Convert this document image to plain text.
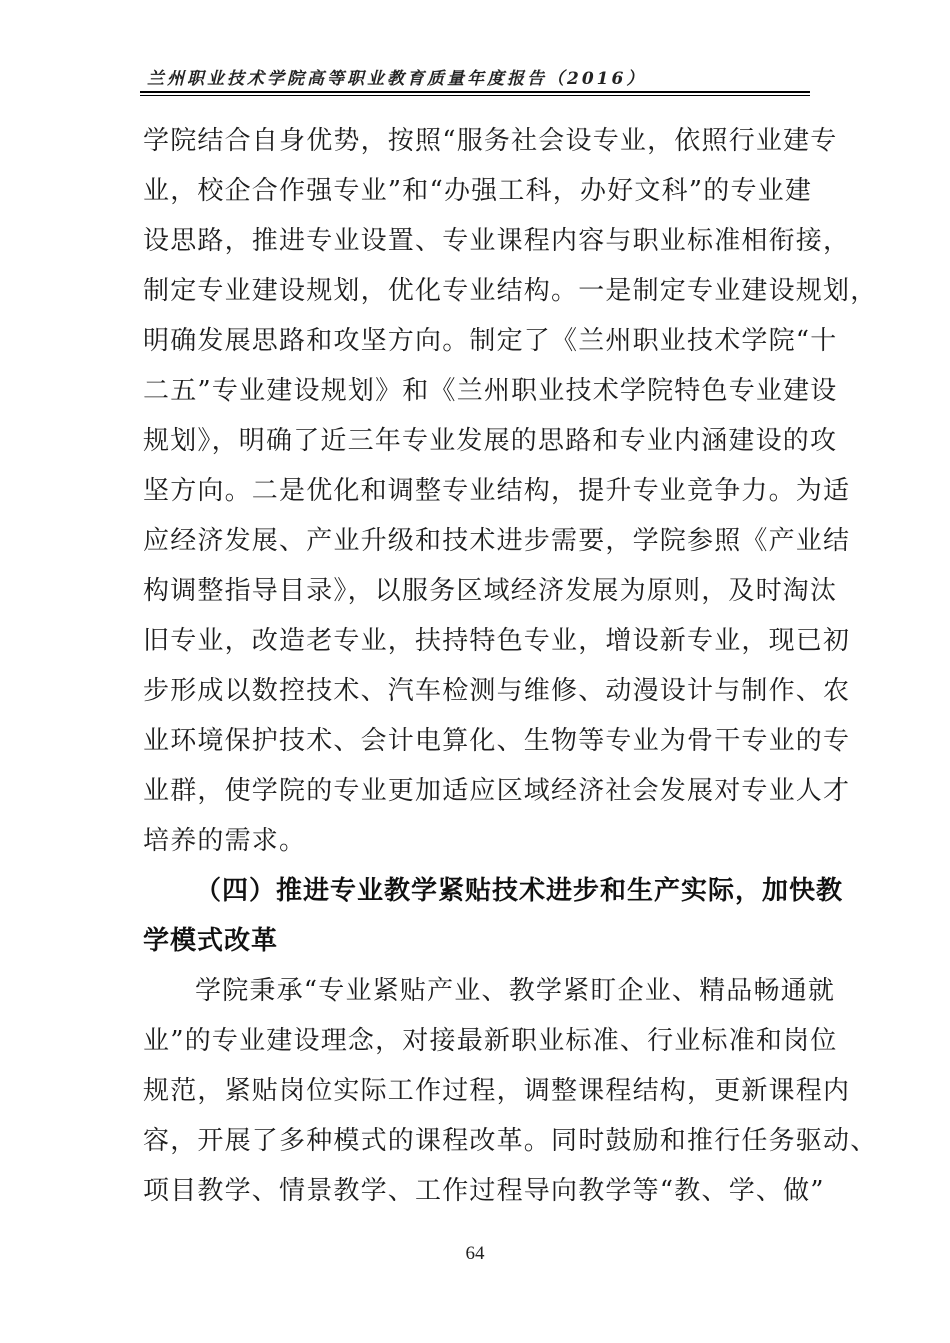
兰州职业技术学院高等职业教育质量年度报告（2016）
学院结合自身优势，按照“服务社会设专业，依照行业建专
业，校企合作强专业”和“办强工科，办好文科”的专业建
设思路，推进专业设置、专业课程内容与职业标准相衔接，
制定专业建设规划，优化专业结构。一是制定专业建设规划，
明确发展思路和攻坚方向。制定了《兰州职业技术学院“十
二五”专业建设规划》和《兰州职业技术学院特色专业建设
规划》，明确了近三年专业发展的思路和专业内涵建设的攻
坚方向。二是优化和调整专业结构，提升专业竞争力。为适
应经济发展、产业升级和技术进步需要，学院参照《产业结
构调整指导目录》，以服务区域经济发展为原则，及时淘汰
旧专业，改造老专业，扶持特色专业，增设新专业，现已初
步形成以数控技术、汽车检测与维修、动漫设计与制作、农
业环境保护技术、会计电算化、生物等专业为骨干专业的专
业群，使学院的专业更加适应区域经济社会发展对专业人才
培养的需求。
（四）推进专业教学紧贴技术进步和生产实际，加快教
学模式改革
学院秉承“专业紧贴产业、教学紧盯企业、精品畅通就
业”的专业建设理念，对接最新职业标准、行业标准和岗位
规范，紧贴岗位实际工作过程，调整课程结构，更新课程内
容，开展了多种模式的课程改革。同时鼓励和推行任务驱动、
项目教学、情景教学、工作过程导向教学等“教、学、做”
64
